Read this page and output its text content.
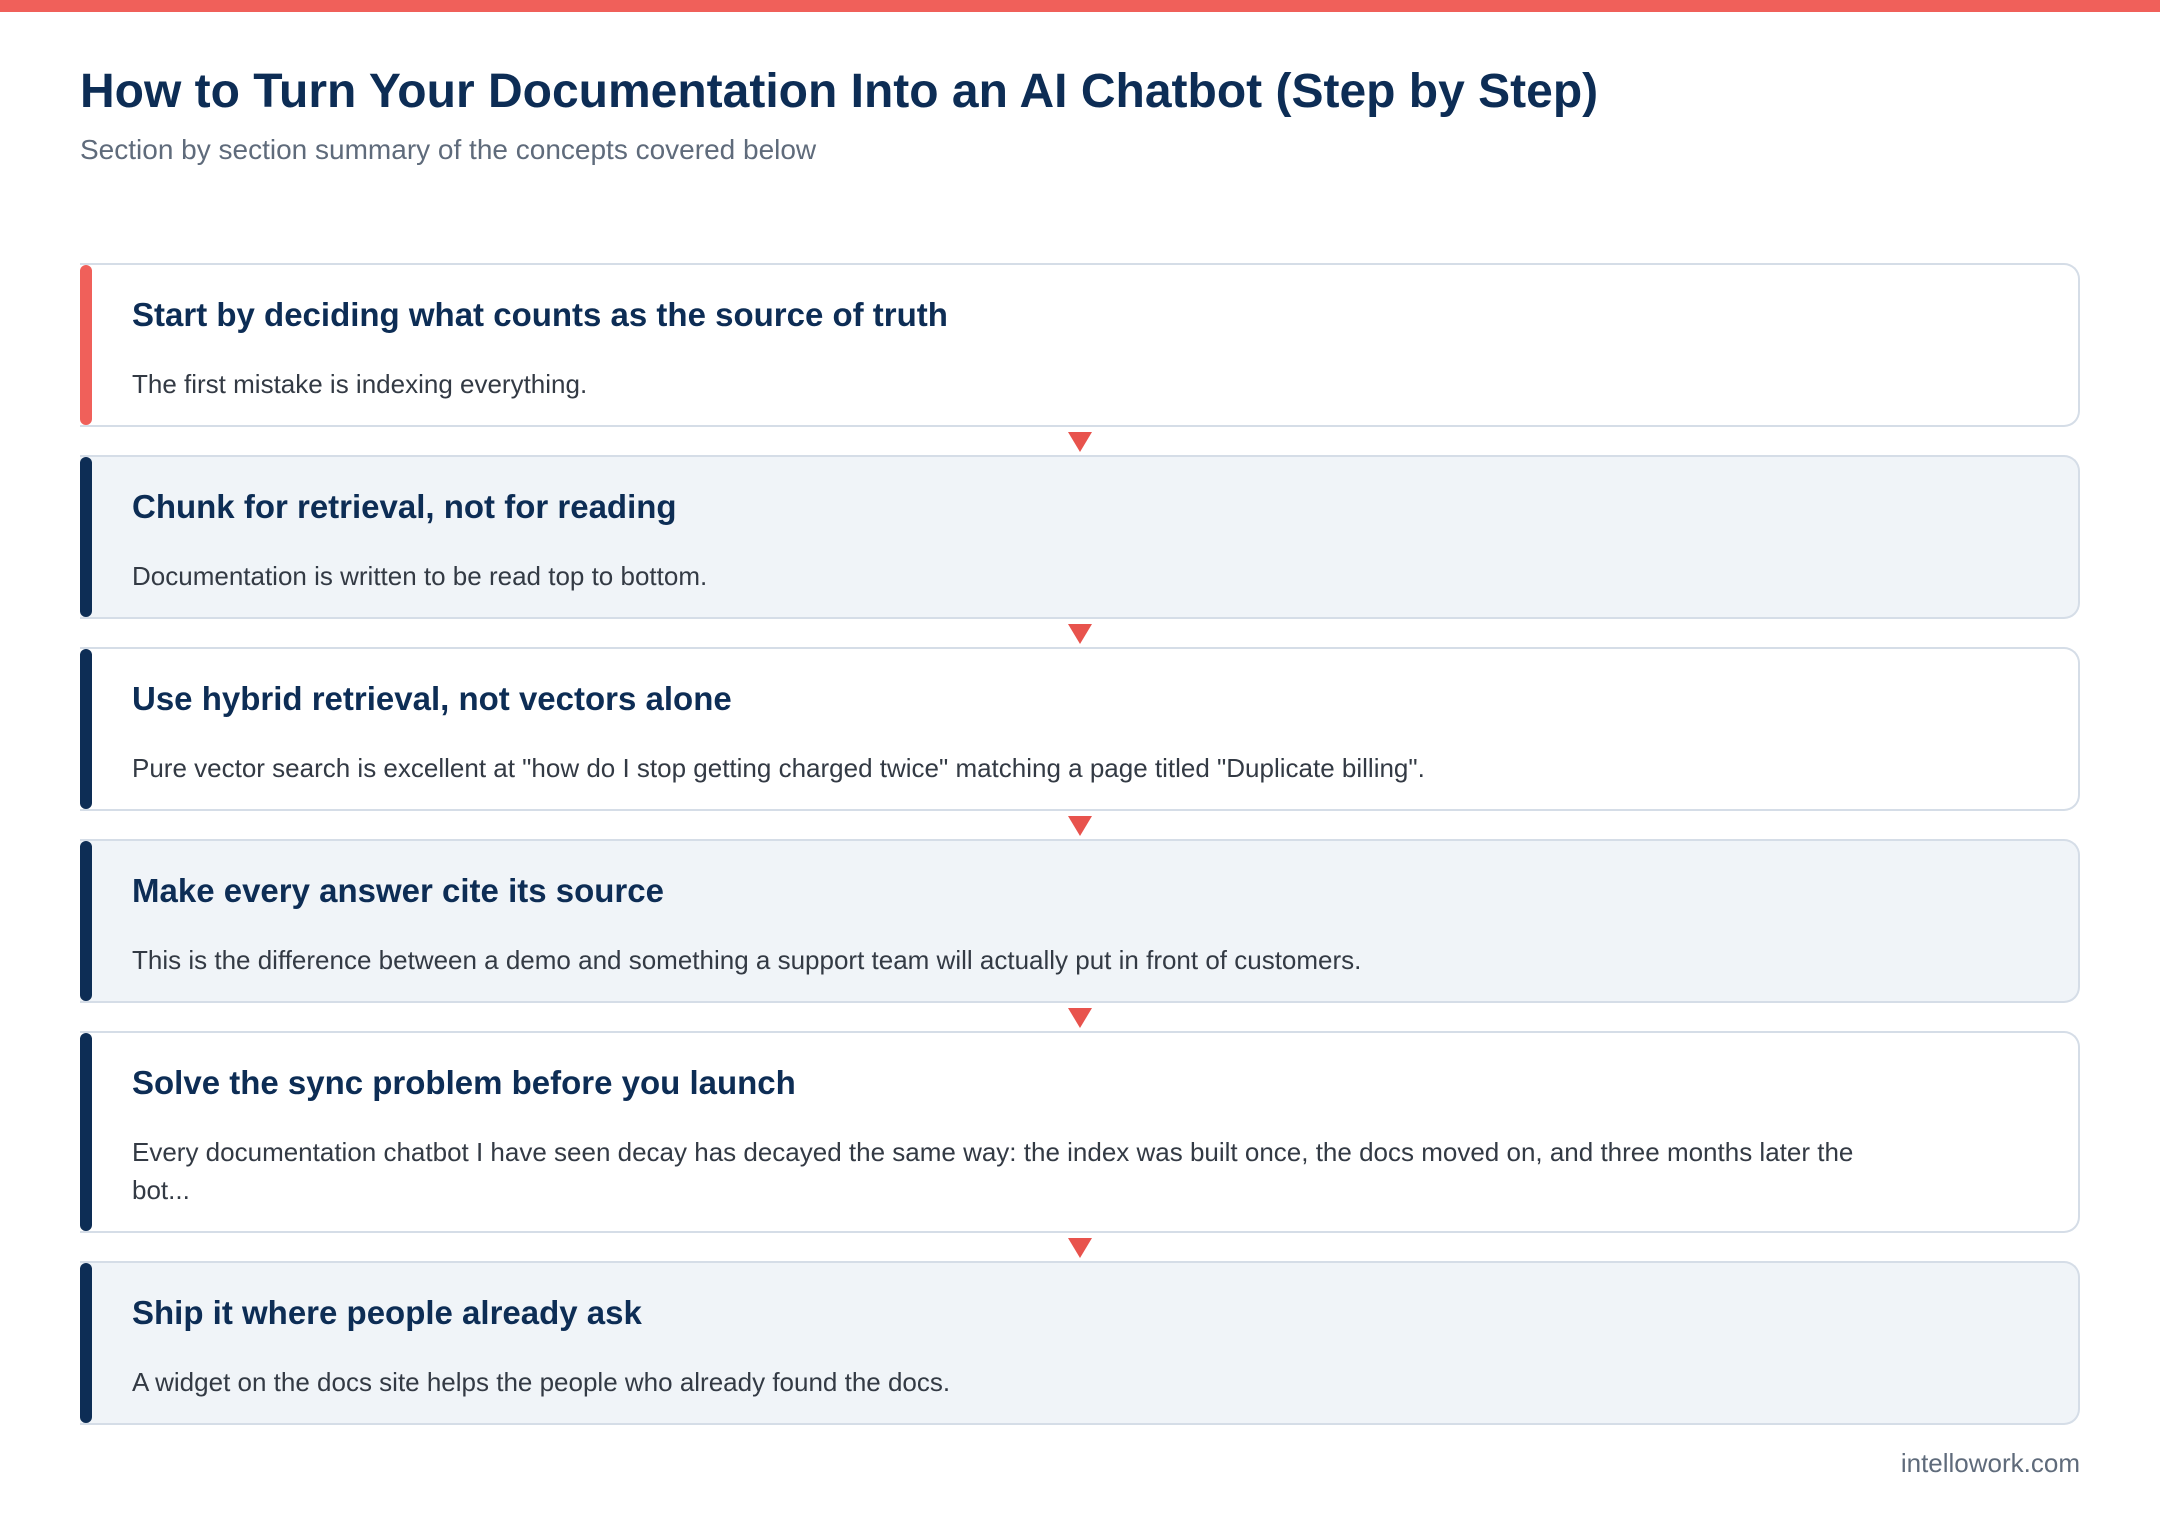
How to Turn Your Documentation Into an AI Chatbot (Step by Step)

Section by section summary of the concepts covered below

Start by deciding what counts as the source of truth

The first mistake is indexing everything.

Chunk for retrieval, not for reading

Documentation is written to be read top to bottom.

Use hybrid retrieval, not vectors alone

Pure vector search is excellent at "how do I stop getting charged twice" matching a page titled "Duplicate billing".

Make every answer cite its source

This is the difference between a demo and something a support team will actually put in front of customers.

Solve the sync problem before you launch

Every documentation chatbot I have seen decay has decayed the same way: the index was built once, the docs moved on, and three months later the bot...

Ship it where people already ask

A widget on the docs site helps the people who already found the docs.

intellowork.com
